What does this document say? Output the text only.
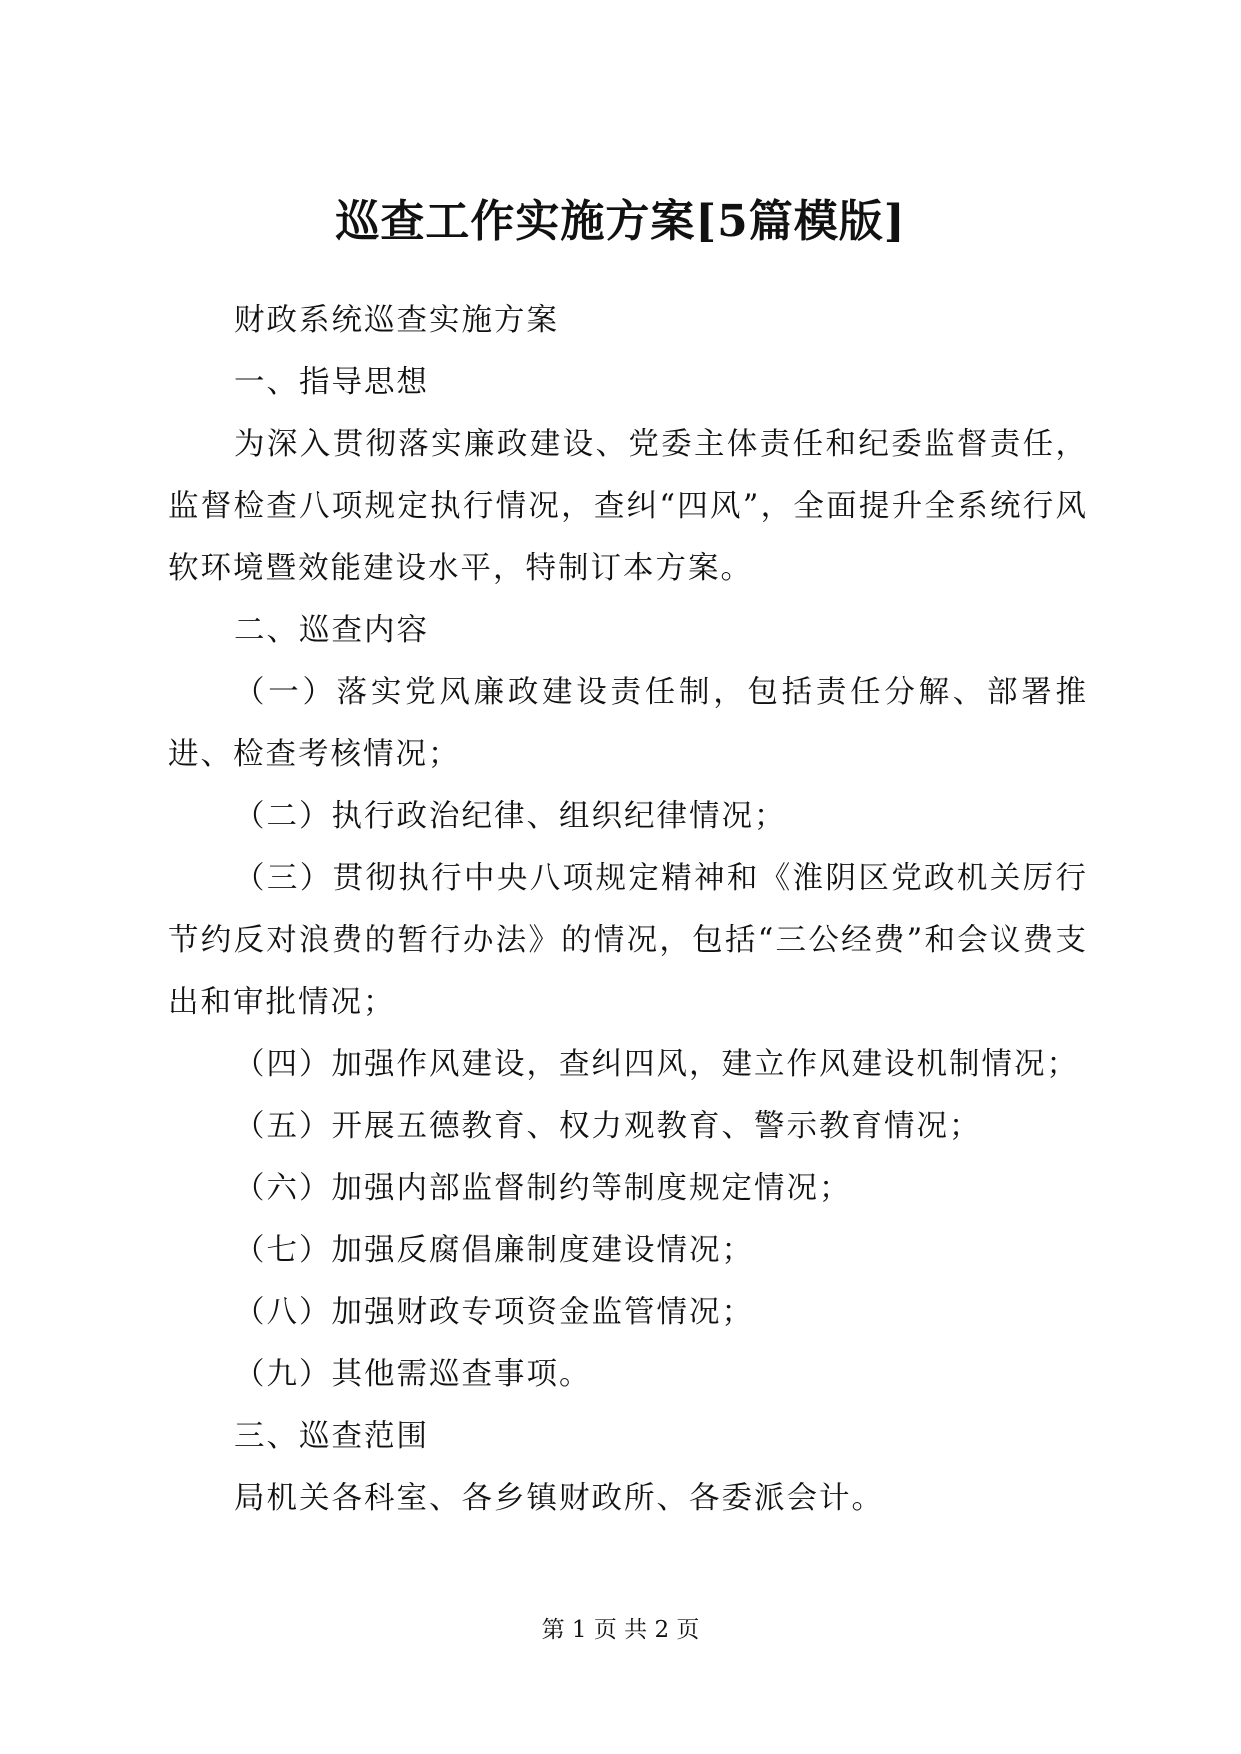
巡查工作实施方案[5篇模版]

财政系统巡查实施方案

一、指导思想

为深入贯彻落实廉政建设、党委主体责任和纪委监督责任，监督检查八项规定执行情况，查纠“四风”，全面提升全系统行风软环境暨效能建设水平，特制订本方案。

二、巡查内容

（一）落实党风廉政建设责任制，包括责任分解、部署推进、检查考核情况；

（二）执行政治纪律、组织纪律情况；

（三）贯彻执行中央八项规定精神和《淮阴区党政机关厉行节约反对浪费的暂行办法》的情况，包括“三公经费”和会议费支出和审批情况；

（四）加强作风建设，查纠四风，建立作风建设机制情况；

（五）开展五德教育、权力观教育、警示教育情况；

（六）加强内部监督制约等制度规定情况；

（七）加强反腐倡廉制度建设情况；

（八）加强财政专项资金监管情况；

（九）其他需巡查事项。

三、巡查范围

局机关各科室、各乡镇财政所、各委派会计。

第 1 页 共 2 页
